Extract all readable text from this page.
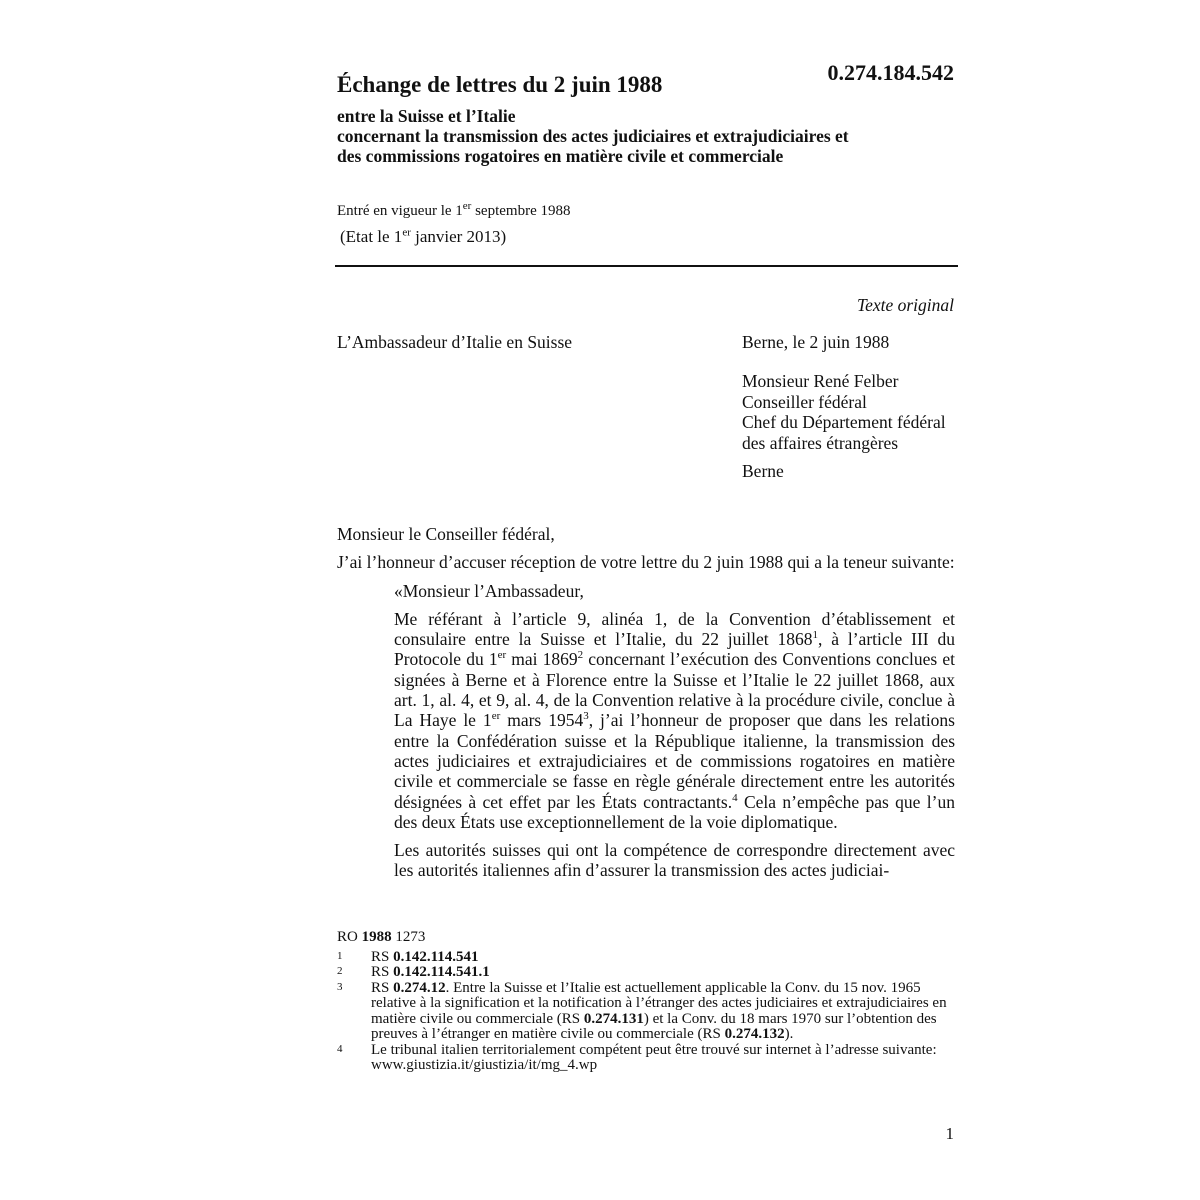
0.274.184.542
Échange de lettres du 2 juin 1988
entre la Suisse et l’Italie
concernant la transmission des actes judiciaires et extrajudiciaires et
des commissions rogatoires en matière civile et commerciale
Entré en vigueur le 1er septembre 1988
(Etat le 1er janvier 2013)
Texte original
L’Ambassadeur d’Italie en Suisse	Berne, le 2 juin 1988
Monsieur René Felber
Conseiller fédéral
Chef du Département fédéral
des affaires étrangères
Berne

Monsieur le Conseiller fédéral,

J’ai l’honneur d’accuser réception de votre lettre du 2 juin 1988 qui a la teneur suivante:

«Monsieur l’Ambassadeur,

Me référant à l’article 9, alinéa 1, de la Convention d’établissement et consulaire entre la Suisse et l’Italie, du 22 juillet 1868$^1$, à l’article III du Protocole du 1er mai 1869$^2$ concernant l’exécution des Conventions conclues et signées à Berne et à Florence entre la Suisse et l’Italie le 22 juillet 1868, aux art. 1, al. 4, et 9, al. 4, de la Convention relative à la procédure civile, conclue à La Haye le 1er mars 1954$^3$, j’ai l’honneur de proposer que dans les relations entre la Confédération suisse et la République italienne, la transmission des actes judiciaires et extrajudiciaires et de commissions rogatoires en matière civile et commerciale se fasse en règle générale directement entre les autorités désignées à cet effet par les États contractants.$^4$ Cela n’empêche pas que l’un des deux États use exceptionnellement de la voie diplomatique.

Les autorités suisses qui ont la compétence de correspondre directement avec les autorités italiennes afin d’assurer la transmission des actes judiciai-

RO 1988 1273
1	RS 0.142.114.541
2	RS 0.142.114.541.1
3	RS 0.274.12. Entre la Suisse et l’Italie est actuellement applicable la Conv. du 15 nov. 1965 relative à la signification et la notification à l’étranger des actes judiciaires et extrajudiciaires en matière civile ou commerciale (RS 0.274.131) et la Conv. du 18 mars 1970 sur l’obtention des preuves à l’étranger en matière civile ou commerciale (RS 0.274.132).
4	Le tribunal italien territorialement compétent peut être trouvé sur internet à l’adresse suivante: www.giustizia.it/giustizia/it/mg_4.wp
1
